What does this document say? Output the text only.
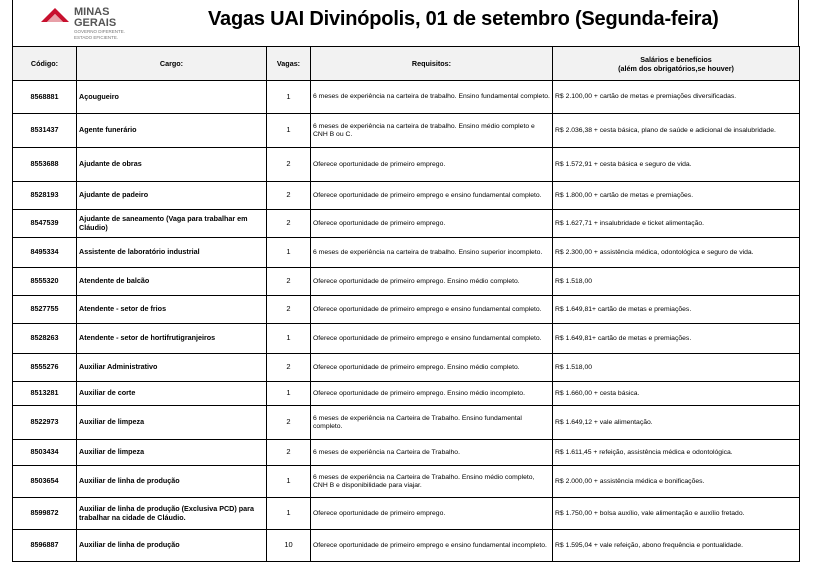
MINAS
GERAIS
GOVERNO DIFERENTE.
ESTADO EFICIENTE.
Vagas UAI Divinópolis, 01 de setembro (Segunda-feira)
Código:	Cargo:	Vagas:	Requisitos:	Salários e benefícios
(além dos obrigatórios,se houver)

8568881	Açougueiro	1	6 meses de experiência na carteira de trabalho. Ensino fundamental completo.	R$ 2.100,00 + cartão de metas e premiações diversificadas.
8531437	Agente funerário	1	6 meses de experiência na carteira de trabalho. Ensino médio completo e CNH B ou C.	R$ 2.036,38 + cesta básica, plano de saúde e adicional de insalubridade.
8553688	Ajudante de obras	2	Oferece oportunidade de primeiro emprego.	R$ 1.572,91 + cesta básica e seguro de vida.
8528193	Ajudante de padeiro	2	Oferece oportunidade de primeiro emprego e ensino fundamental completo.	R$ 1.800,00 + cartão de metas e premiações.
8547539	Ajudante de saneamento (Vaga para trabalhar em Cláudio)	2	Oferece oportunidade de primeiro emprego.	R$ 1.627,71 + insalubridade e ticket alimentação.
8495334	Assistente de laboratório industrial	1	6 meses de experiência na carteira de trabalho. Ensino superior incompleto.	R$ 2.300,00 + assistência médica, odontológica e seguro de vida.
8555320	Atendente de balcão	2	Oferece oportunidade de primeiro emprego. Ensino médio completo.	R$ 1.518,00
8527755	Atendente - setor de frios	2	Oferece oportunidade de primeiro emprego e ensino fundamental completo.	R$ 1.649,81+ cartão de metas e premiações.
8528263	Atendente - setor de hortifrutigranjeiros	1	Oferece oportunidade de primeiro emprego e ensino fundamental completo.	R$ 1.649,81+ cartão de metas e premiações.
8555276	Auxiliar Administrativo	2	Oferece oportunidade de primeiro emprego. Ensino médio completo.	R$ 1.518,00
8513281	Auxiliar de corte	1	Oferece oportunidade de primeiro emprego. Ensino médio incompleto.	R$ 1.660,00 + cesta básica.
8522973	Auxiliar de limpeza	2	6 meses de experiência na Carteira de Trabalho. Ensino fundamental completo.	R$ 1.649,12 + vale alimentação.
8503434	Auxiliar de limpeza	2	6 meses de experiência na Carteira de Trabalho.	R$ 1.611,45 + refeição, assistência médica e odontológica.
8503654	Auxiliar de linha de produção	1	6 meses de experiência na Carteira de Trabalho. Ensino médio completo, CNH B e disponibilidade para viajar.	R$ 2.000,00 + assistência médica e bonificações.
8599872	Auxiliar de linha de produção (Exclusiva PCD) para trabalhar na cidade de Cláudio.	1	Oferece oportunidade de primeiro emprego.	R$ 1.750,00 + bolsa auxílio, vale alimentação e auxílio fretado.
8596887	Auxiliar de linha de produção	10	Oferece oportunidade de primeiro emprego e ensino fundamental incompleto.	R$ 1.595,04 + vale refeição, abono frequência e pontualidade.
